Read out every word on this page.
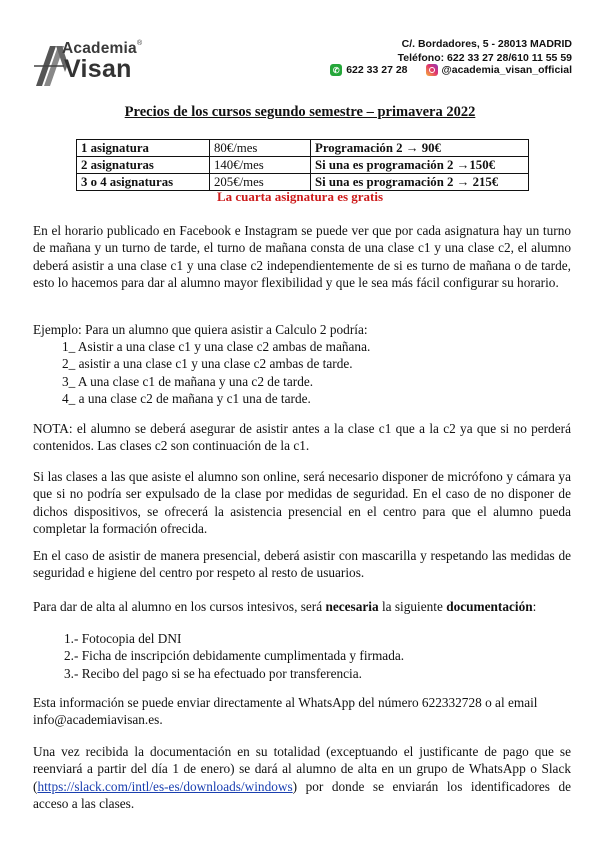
Academia ®
Visan
C/. Bordadores, 5 - 28013 MADRID
Teléfono: 622 33 27 28/610 11 55 59
✆ 622 33 27 28	@academia_visan_official
Precios de los cursos segundo semestre – primavera 2022
1 asignatura	80€/mes	Programación 2 → 90€
2 asignaturas	140€/mes	Si una es programación 2 →150€
3 o 4 asignaturas	205€/mes	Si una es programación 2 → 215€
La cuarta asignatura es gratis
En el horario publicado en Facebook e Instagram se puede ver que por cada asignatura hay un turno de mañana y un turno de tarde, el turno de mañana consta de una clase c1 y una clase c2, el alumno deberá asistir a una clase c1 y una clase c2 independientemente de si es turno de mañana o de tarde, esto lo hacemos para dar al alumno mayor flexibilidad y que le sea más fácil configurar su horario.
Ejemplo: Para un alumno que quiera asistir a Calculo 2 podría:
1_ Asistir a una clase c1 y una clase c2 ambas de mañana.
2_ asistir a una clase c1 y una clase c2 ambas de tarde.
3_ A una clase c1 de mañana y una c2 de tarde.
4_ a una clase c2 de mañana y c1 una de tarde.
NOTA: el alumno se deberá asegurar de asistir antes a la clase c1 que a la c2 ya que si no perderá contenidos. Las clases c2 son continuación de la c1.
Si las clases a las que asiste el alumno son online, será necesario disponer de micrófono y cámara ya que si no podría ser expulsado de la clase por medidas de seguridad. En el caso de no disponer de dichos dispositivos, se ofrecerá la asistencia presencial en el centro para que el alumno pueda completar la formación ofrecida.
En el caso de asistir de manera presencial, deberá asistir con mascarilla y respetando las medidas de seguridad e higiene del centro por respeto al resto de usuarios.
Para dar de alta al alumno en los cursos intesivos, será necesaria la siguiente documentación:
1.- Fotocopia del DNI
2.- Ficha de inscripción debidamente cumplimentada y firmada.
3.- Recibo del pago si se ha efectuado por transferencia.
Esta información se puede enviar directamente al WhatsApp del número 622332728 o al email info@academiavisan.es.
Una vez recibida la documentación en su totalidad (exceptuando el justificante de pago que se reenviará a partir del día 1 de enero) se dará al alumno de alta en un grupo de WhatsApp o Slack (https://slack.com/intl/es-es/downloads/windows) por donde se enviarán los identificadores de acceso a las clases.
